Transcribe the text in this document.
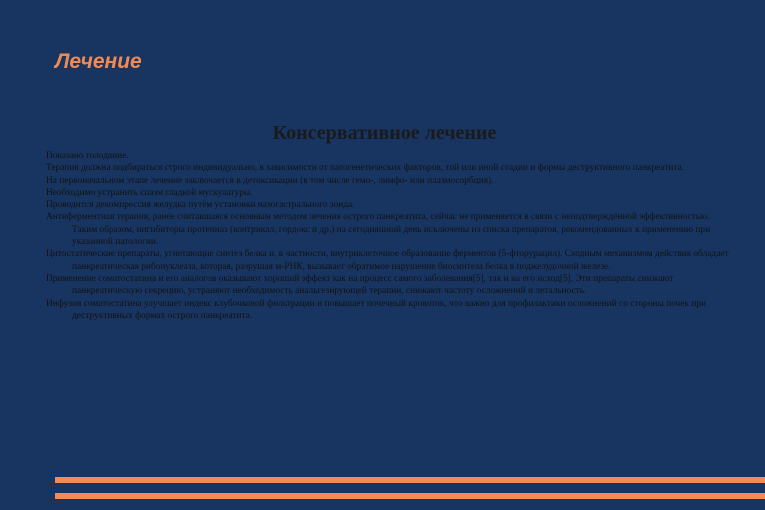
Лечение
Консервативное лечение

Показано голодание.

Терапия должна подбираться строго индивидуально, в зависимости от патогенетических факторов, той или иной стадии и формы деструктивного панкреатита.

На первоначальном этапе лечение заключается в детоксикации (в том числе гемо-, лимфо- или плазмосорбция).

Необходимо устранить спазм гладкой мускулатуры.

Проводится декомпрессия желудка путём установки назогастрального зонда.

Антиферментная терапия, ранее считавшаяся основным методом лечения острого панкреатита, сейчас не применяется в связи с неподтверждённой эффективностью. Таким образом, ингибиторы протеиназ (контрикал, гордокс и др.) на сегодняшний день исключены из списка препаратов, рекомендованных к применению при указанной патологии.

Цитостатические препараты, угнетающие синтез белка и, в частности, внутриклеточное образование ферментов (5-фторурацил). Сходным механизмом действия обладает панкреатическая рибонуклеаза, которая, разрушая м-РНК, вызывает обратимое нарушение биосинтеза белка в поджелудочной железе.

Применение соматостатина и его аналогов оказывают хороший эффект как на процесс самого заболевания[5], так и на его исход[5]. Эти препараты снижают панкреатическую секрецию, устраняют необходимость анальгезирующей терапии, снижают частоту осложнений и летальность.

Инфузия соматостатина улучшает индекс клубочковой фильтрации и повышает почечный кровоток, что важно для профилактики осложнений со стороны почек при деструктивных формах острого панкреатита.
